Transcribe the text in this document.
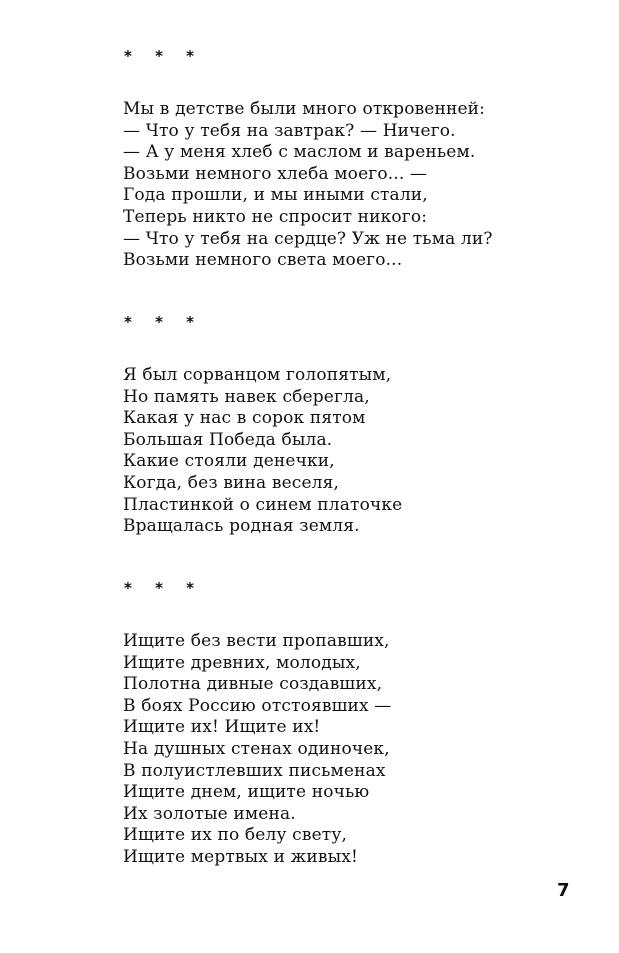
* * *
Мы в детстве были много откровенней:
— Что у тебя на завтрак? — Ничего.
— А у меня хлеб с маслом и вареньем.
Возьми немного хлеба моего... —
Года прошли, и мы иными стали,
Теперь никто не спросит никого:
— Что у тебя на сердце? Уж не тьма ли?
Возьми немного света моего...
* * *
Я был сорванцом голопятым,
Но память навек сберегла,
Какая у нас в сорок пятом
Большая Победа была.
Какие стояли денечки,
Когда, без вина веселя,
Пластинкой о синем платочке
Вращалась родная земля.
* * *
Ищите без вести пропавших,
Ищите древних, молодых,
Полотна дивные создавших,
В боях Россию отстоявших —
Ищите их! Ищите их!
На душных стенах одиночек,
В полуистлевших письменах
Ищите днем, ищите ночью
Их золотые имена.
Ищите их по белу свету,
Ищите мертвых и живых!
7
